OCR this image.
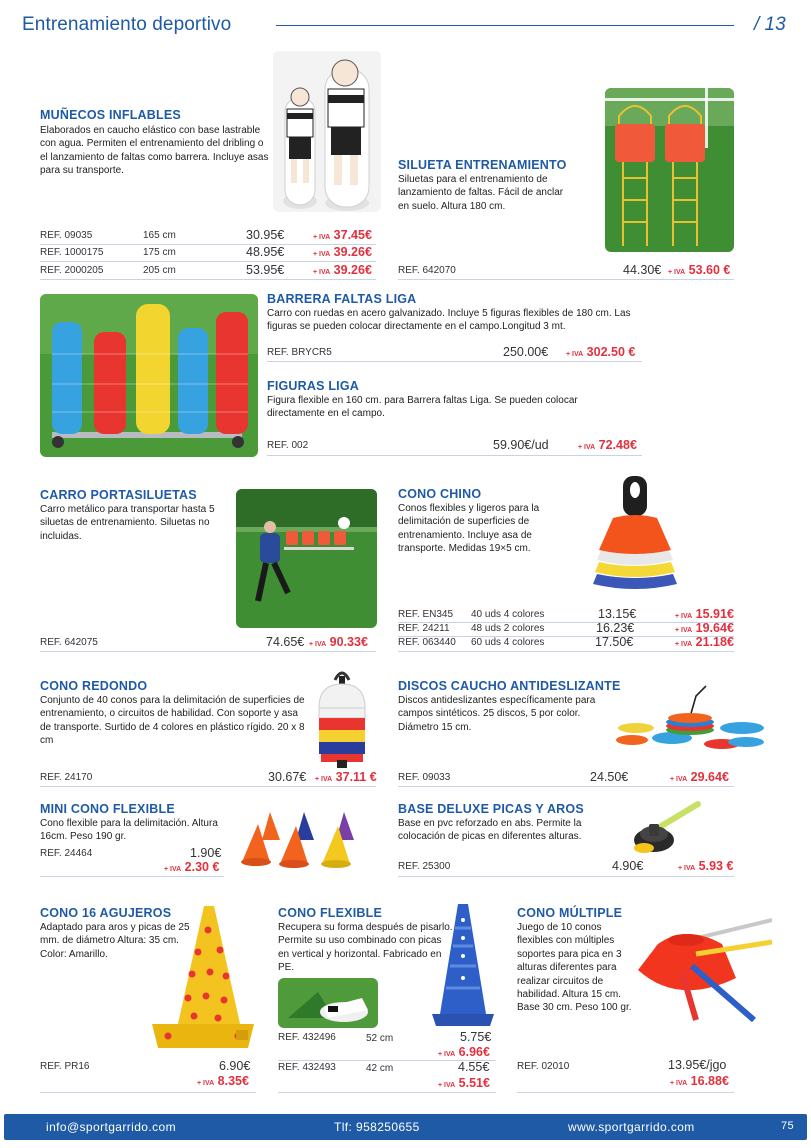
Entrenamiento deportivo	/ 13
MUÑECOS INFLABLES
Elaborados en caucho elástico con base lastrable con agua. Permiten el entrenamiento del dribling o el lanzamiento de faltas como barrera. Incluye asas para su transporte.
REF. 09035	165 cm	30.95€	+ IVA 37.45€
REF. 1000175	175 cm	48.95€	+ IVA 39.26€
REF. 2000205	205 cm	53.95€	+ IVA 39.26€
SILUETA ENTRENAMIENTO
Siluetas para el entrenamiento de lanzamiento de faltas. Fácil de anclar en suelo. Altura 180 cm.
REF. 642070	44.30€ + IVA 53.60 €
BARRERA FALTAS LIGA
Carro con ruedas en acero galvanizado. Incluye 5 figuras flexibles de 180 cm. Las figuras se pueden colocar directamente en el campo.Longitud 3 mt.
REF. BRYCR5	250.00€	+ IVA 302.50 €
FIGURAS LIGA
Figura flexible en 160 cm. para Barrera faltas Liga. Se pueden colocar directamente en el campo.
REF. 002	59.90€/ud	+ IVA 72.48€
CARRO PORTASILUETAS
Carro metálico para transportar hasta 5 siluetas de entrenamiento. Siluetas no incluidas.
REF. 642075	74.65€ + IVA 90.33€
CONO CHINO
Conos flexibles y ligeros para la delimitación de superficies de entrenamiento. Incluye asa de transporte. Medidas 19×5 cm.
REF. EN345 40 uds 4 colores	13.15€	+ IVA 15.91€
REF. 24211 48 uds 2 colores	16.23€	+ IVA 19.64€
REF. 063440 60 uds 4 colores	17.50€	+ IVA 21.18€
CONO REDONDO
Conjunto de 40 conos para la delimitación de superficies de entrenamiento, o circuitos de habilidad. Con soporte y asa de transporte. Surtido de 4 colores en plástico rígido. 20 x 8 cm
REF. 24170	30.67€ + IVA 37.11 €
DISCOS CAUCHO ANTIDESLIZANTE
Discos antideslizantes específicamente para campos sintéticos. 25 discos, 5 por color. Diámetro 15 cm.
REF. 09033	24.50€	+ IVA 29.64€
MINI CONO FLEXIBLE
Cono flexible para la delimitación. Altura 16cm. Peso 190 gr.
REF. 24464	1.90€
+ IVA 2.30 €
BASE DELUXE PICAS Y AROS
Base en pvc reforzado en abs. Permite la colocación de picas en diferentes alturas.
REF. 25300	4.90€	+ IVA 5.93 €
CONO 16 AGUJEROS
Adaptado para aros y picas de 25 mm. de diámetro Altura: 35 cm. Color: Amarillo.
REF. PR16	6.90€
+ IVA 8.35€
CONO FLEXIBLE
Recupera su forma después de pisarlo. Permite su uso combinado con picas en vertical y horizontal. Fabricado en PE.
REF. 432496	52 cm	5.75€
+ IVA 6.96€
REF. 432493	42 cm	4.55€
+ IVA 5.51€
CONO MÚLTIPLE
Juego de 10 conos flexibles con múltiples soportes para pica en 3 alturas diferentes para realizar circuitos de habilidad. Altura 15 cm. Base 30 cm. Peso 100 gr.
REF. 02010	13.95€/jgo
+ IVA 16.88€
info@sportgarrido.com	Tlf: 958250655	www.sportgarrido.com	75
